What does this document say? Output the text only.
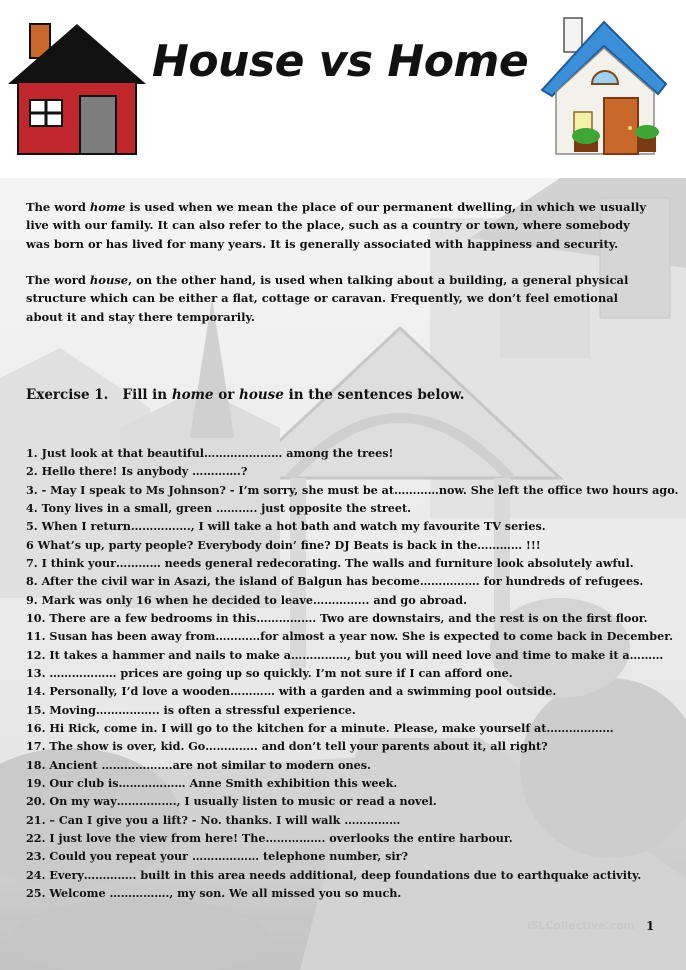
House vs Home

The word home is used when we mean the place of our permanent dwelling, in which we usually live with our family. It can also refer to the place, such as a country or town, where somebody was born or has lived for many years. It is generally associated with happiness and security.

The word house, on the other hand, is used when talking about a building, a general physical structure which can be either a flat, cottage or caravan. Frequently, we don’t feel emotional about it and stay there temporarily.

Exercise 1. Fill in home or house in the sentences below.

1. Just look at that beautiful………………… among the trees!
2. Hello there! Is anybody ………….?
3. - May I speak to Ms Johnson? - I’m sorry, she must be at…………now. She left the office two hours ago.
4. Tony lives in a small, green ……….. just opposite the street.
5. When I return……………., I will take a hot bath and watch my favourite TV series.
6 What’s up, party people? Everybody doin’ fine? DJ Beats is back in the………… !!!
7. I think your………… needs general redecorating. The walls and furniture look absolutely awful.
8. After the civil war in Asazi, the island of Balgun has become……………. for hundreds of refugees.
9. Mark was only 16 when he decided to leave…………... and go abroad.
10. There are a few bedrooms in this……………. Two are downstairs, and the rest is on the first floor.
11. Susan has been away from…………for almost a year now. She is expected to come back in December.
12. It takes a hammer and nails to make a……………, but you will need love and time to make it a………
13. ……………… prices are going up so quickly. I’m not sure if I can afford one.
14. Personally, I’d love a wooden………… with a garden and a swimming pool outside.
15. Moving…………….. is often a stressful experience.
16. Hi Rick, come in. I will go to the kitchen for a minute. Please, make yourself at………………
17. The show is over, kid. Go………….. and don’t tell your parents about it, all right?
18. Ancient ……………….are not similar to modern ones.
19. Our club is……………… Anne Smith exhibition this week.
20. On my way……………., I usually listen to music or read a novel.
21. – Can I give you a lift? - No. thanks. I will walk ……………
22. I just love the view from here! The……………. overlooks the entire harbour.
23. Could you repeat your ……………… telephone number, sir?
24. Every………….. built in this area needs additional, deep foundations due to earthquake activity.
25. Welcome ……………., my son. We all missed you so much.
iSLCollective.com 1
